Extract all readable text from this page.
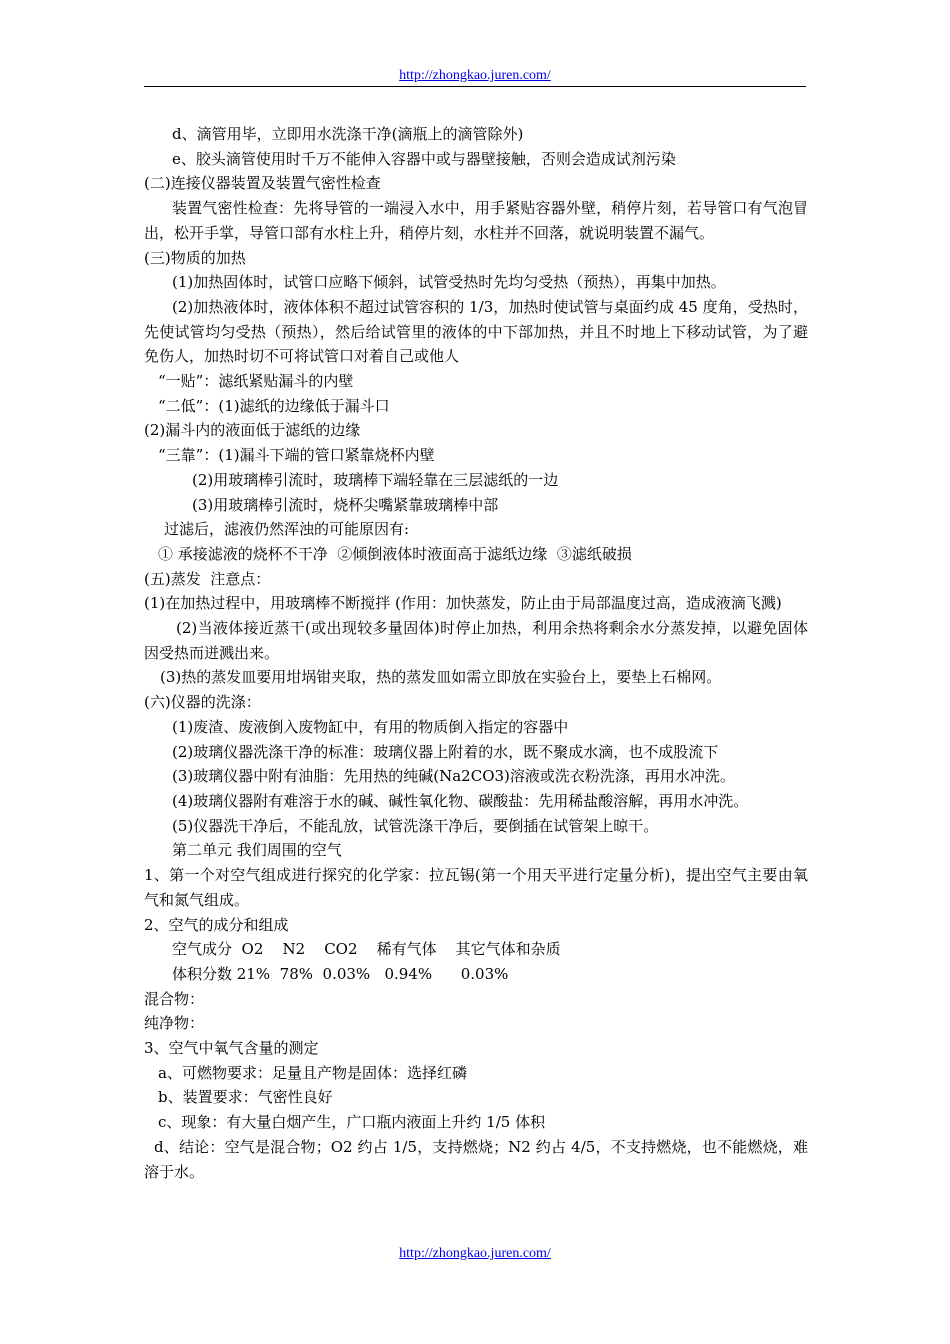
http://zhongkao.juren.com/

d、滴管用毕，立即用水洗涤干净(滴瓶上的滴管除外)

e、胶头滴管使用时千万不能伸入容器中或与器壁接触，否则会造成试剂污染

(二)连接仪器装置及装置气密性检查

装置气密性检查：先将导管的一端浸入水中，用手紧贴容器外壁，稍停片刻，若导管口有气泡冒出，松开手掌，导管口部有水柱上升，稍停片刻，水柱并不回落，就说明装置不漏气。

(三)物质的加热

(1)加热固体时，试管口应略下倾斜，试管受热时先均匀受热（预热），再集中加热。

(2)加热液体时，液体体积不超过试管容积的 1/3，加热时使试管与桌面约成 45 度角，受热时，先使试管均匀受热（预热），然后给试管里的液体的中下部加热，并且不时地上下移动试管，为了避免伤人，加热时切不可将试管口对着自己或他人

“一贴”：滤纸紧贴漏斗的内壁

“二低”：(1)滤纸的边缘低于漏斗口

(2)漏斗内的液面低于滤纸的边缘

“三靠”：(1)漏斗下端的管口紧靠烧杯内壁

(2)用玻璃棒引流时，玻璃棒下端轻靠在三层滤纸的一边

(3)用玻璃棒引流时，烧杯尖嘴紧靠玻璃棒中部

过滤后，滤液仍然浑浊的可能原因有:

① 承接滤液的烧杯不干净  ②倾倒液体时液面高于滤纸边缘  ③滤纸破损

(五)蒸发  注意点：

(1)在加热过程中，用玻璃棒不断搅拌 (作用：加快蒸发，防止由于局部温度过高，造成液滴飞溅)

(2)当液体接近蒸干(或出现较多量固体)时停止加热，利用余热将剩余水分蒸发掉，以避免固体因受热而迸溅出来。

(3)热的蒸发皿要用坩埚钳夹取，热的蒸发皿如需立即放在实验台上，要垫上石棉网。

(六)仪器的洗涤：

(1)废渣、废液倒入废物缸中，有用的物质倒入指定的容器中

(2)玻璃仪器洗涤干净的标准：玻璃仪器上附着的水，既不聚成水滴，也不成股流下

(3)玻璃仪器中附有油脂：先用热的纯碱(Na2CO3)溶液或洗衣粉洗涤，再用水冲洗。

(4)玻璃仪器附有难溶于水的碱、碱性氧化物、碳酸盐：先用稀盐酸溶解，再用水冲洗。

(5)仪器洗干净后，不能乱放，试管洗涤干净后，要倒插在试管架上晾干。

第二单元 我们周围的空气

1、第一个对空气组成进行探究的化学家：拉瓦锡(第一个用天平进行定量分析)，提出空气主要由氧气和氮气组成。

2、空气的成分和组成

空气成分  O2    N2    CO2    稀有气体    其它气体和杂质

体积分数 21%  78%  0.03%   0.94%      0.03%

混合物：

纯净物：

3、空气中氧气含量的测定

a、可燃物要求：足量且产物是固体：选择红磷

b、装置要求：气密性良好

c、现象：有大量白烟产生，广口瓶内液面上升约 1/5 体积

d、结论：空气是混合物；O2 约占 1/5，支持燃烧；N2 约占 4/5，不支持燃烧，也不能燃烧，难溶于水。

http://zhongkao.juren.com/
